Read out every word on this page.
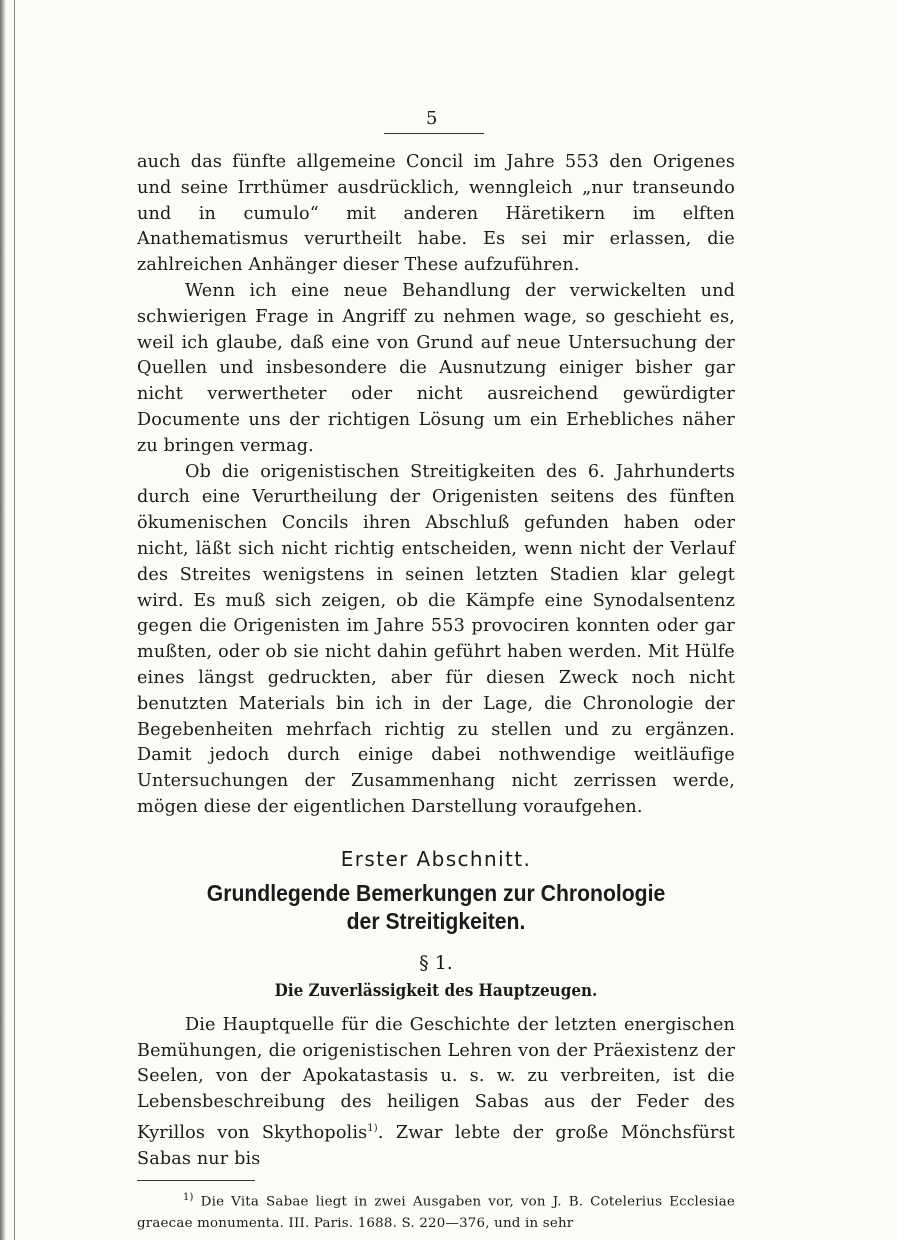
5

auch das fünfte allgemeine Concil im Jahre 553 den Origenes und seine Irrthümer ausdrücklich, wenngleich „nur transeundo und in cumulo“ mit anderen Häretikern im elften Anathematismus verurtheilt habe. Es sei mir erlassen, die zahlreichen Anhänger dieser These aufzuführen.

Wenn ich eine neue Behandlung der verwickelten und schwierigen Frage in Angriff zu nehmen wage, so geschieht es, weil ich glaube, daß eine von Grund auf neue Untersuchung der Quellen und insbesondere die Ausnutzung einiger bisher gar nicht verwertheter oder nicht ausreichend gewürdigter Documente uns der richtigen Lösung um ein Erhebliches näher zu bringen vermag.

Ob die origenistischen Streitigkeiten des 6. Jahrhunderts durch eine Verurtheilung der Origenisten seitens des fünften ökumenischen Concils ihren Abschluß gefunden haben oder nicht, läßt sich nicht richtig entscheiden, wenn nicht der Verlauf des Streites wenigstens in seinen letzten Stadien klar gelegt wird. Es muß sich zeigen, ob die Kämpfe eine Synodalsentenz gegen die Origenisten im Jahre 553 provociren konnten oder gar mußten, oder ob sie nicht dahin geführt haben werden. Mit Hülfe eines längst gedruckten, aber für diesen Zweck noch nicht benutzten Materials bin ich in der Lage, die Chronologie der Begebenheiten mehrfach richtig zu stellen und zu ergänzen. Damit jedoch durch einige dabei nothwendige weitläufige Untersuchungen der Zusammenhang nicht zerrissen werde, mögen diese der eigentlichen Darstellung voraufgehen.

Erster Abschnitt.
Grundlegende Bemerkungen zur Chronologie
der Streitigkeiten.
§ 1.
Die Zuverlässigkeit des Hauptzeugen.

Die Hauptquelle für die Geschichte der letzten energischen Bemühungen, die origenistischen Lehren von der Präexistenz der Seelen, von der Apokatastasis u. s. w. zu verbreiten, ist die Lebensbeschreibung des heiligen Sabas aus der Feder des Kyrillos von Skythopolis$^{1)}$. Zwar lebte der große Mönchsfürst Sabas nur bis

$^{1)}$ Die Vita Sabae liegt in zwei Ausgaben vor, von J. B. Cotelerius Ecclesiae graecae monumenta. III. Paris. 1688. S. 220—376, und in sehr
